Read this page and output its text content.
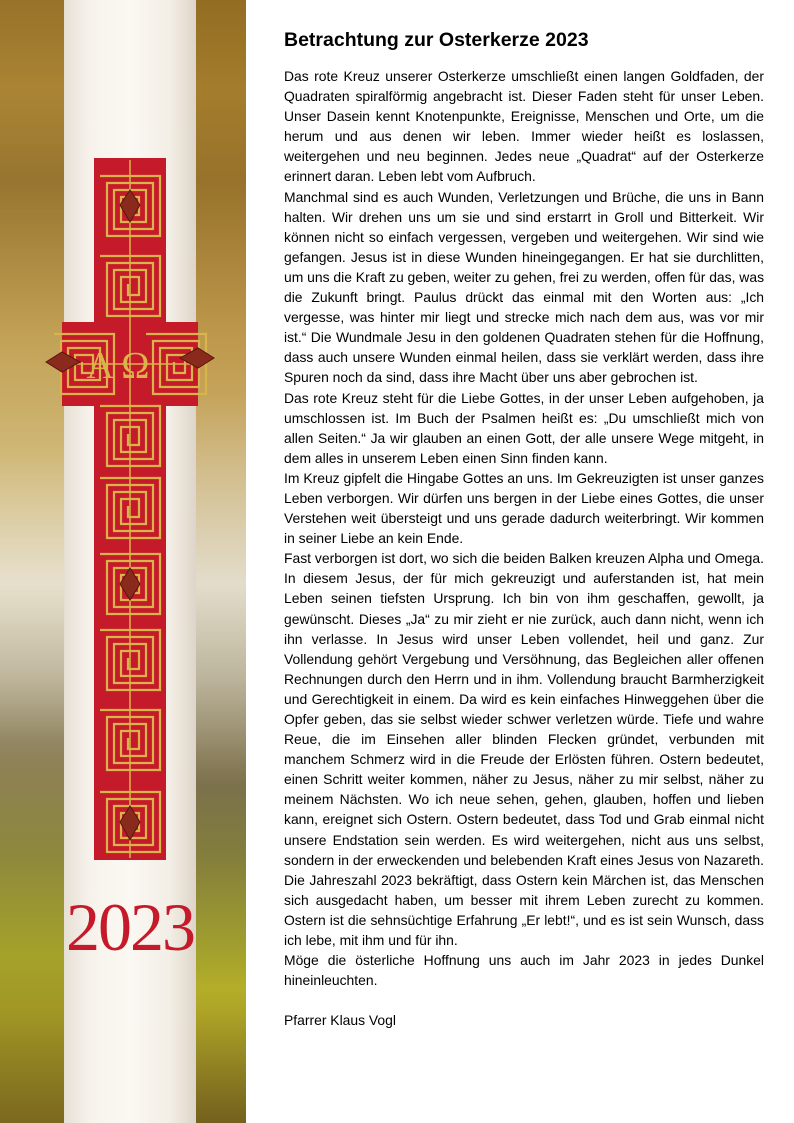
A Ω
2023
Betrachtung zur Osterkerze 2023

Das rote Kreuz unserer Osterkerze umschließt einen langen Goldfaden, der Quadraten spiralförmig angebracht ist. Dieser Faden steht für unser Leben. Unser Dasein kennt Knotenpunkte, Ereignisse, Menschen und Orte, um die herum und aus denen wir leben. Immer wieder heißt es loslassen, weitergehen und neu beginnen. Jedes neue „Quadrat“ auf der Osterkerze erinnert daran. Leben lebt vom Aufbruch.

Manchmal sind es auch Wunden, Verletzungen und Brüche, die uns in Bann halten. Wir drehen uns um sie und sind erstarrt in Groll und Bitterkeit. Wir können nicht so einfach vergessen, vergeben und weitergehen. Wir sind wie gefangen. Jesus ist in diese Wunden hineingegangen. Er hat sie durchlitten, um uns die Kraft zu geben, weiter zu gehen, frei zu werden, offen für das, was die Zukunft bringt. Paulus drückt das einmal mit den Worten aus: „Ich vergesse, was hinter mir liegt und strecke mich nach dem aus, was vor mir ist.“ Die Wundmale Jesu in den goldenen Quadraten stehen für die Hoffnung, dass auch unsere Wunden einmal heilen, dass sie verklärt werden, dass ihre Spuren noch da sind, dass ihre Macht über uns aber gebrochen ist.

Das rote Kreuz steht für die Liebe Gottes, in der unser Leben aufgehoben, ja umschlossen ist. Im Buch der Psalmen heißt es: „Du umschließt mich von allen Seiten.“ Ja wir glauben an einen Gott, der alle unsere Wege mitgeht, in dem alles in unserem Leben einen Sinn finden kann.

Im Kreuz gipfelt die Hingabe Gottes an uns. Im Gekreuzigten ist unser ganzes Leben verborgen. Wir dürfen uns bergen in der Liebe eines Gottes, die unser Verstehen weit übersteigt und uns gerade dadurch weiterbringt. Wir kommen in seiner Liebe an kein Ende.

Fast verborgen ist dort, wo sich die beiden Balken kreuzen Alpha und Omega. In diesem Jesus, der für mich gekreuzigt und auferstanden ist, hat mein Leben seinen tiefsten Ursprung. Ich bin von ihm geschaffen, gewollt, ja gewünscht. Dieses „Ja“ zu mir zieht er nie zurück, auch dann nicht, wenn ich ihn verlasse. In Jesus wird unser Leben vollendet, heil und ganz. Zur Vollendung gehört Vergebung und Versöhnung, das Begleichen aller offenen Rechnungen durch den Herrn und in ihm. Vollendung braucht Barmherzigkeit und Gerechtigkeit in einem. Da wird es kein einfaches Hinweggehen über die Opfer geben, das sie selbst wieder schwer verletzen würde. Tiefe und wahre Reue, die im Einsehen aller blinden Flecken gründet, verbunden mit manchem Schmerz wird in die Freude der Erlösten führen. Ostern bedeutet, einen Schritt weiter kommen, näher zu Jesus, näher zu mir selbst, näher zu meinem Nächsten. Wo ich neue sehen, gehen, glauben, hoffen und lieben kann, ereignet sich Ostern. Ostern bedeutet, dass Tod und Grab einmal nicht unsere Endstation sein werden. Es wird weitergehen, nicht aus uns selbst, sondern in der erweckenden und belebenden Kraft eines Jesus von Nazareth. Die Jahreszahl 2023 bekräftigt, dass Ostern kein Märchen ist, das Menschen sich ausgedacht haben, um besser mit ihrem Leben zurecht zu kommen. Ostern ist die sehnsüchtige Erfahrung „Er lebt!“, und es ist sein Wunsch, dass ich lebe, mit ihm und für ihn.

Möge die österliche Hoffnung uns auch im Jahr 2023 in jedes Dunkel hineinleuchten.

Pfarrer Klaus Vogl
